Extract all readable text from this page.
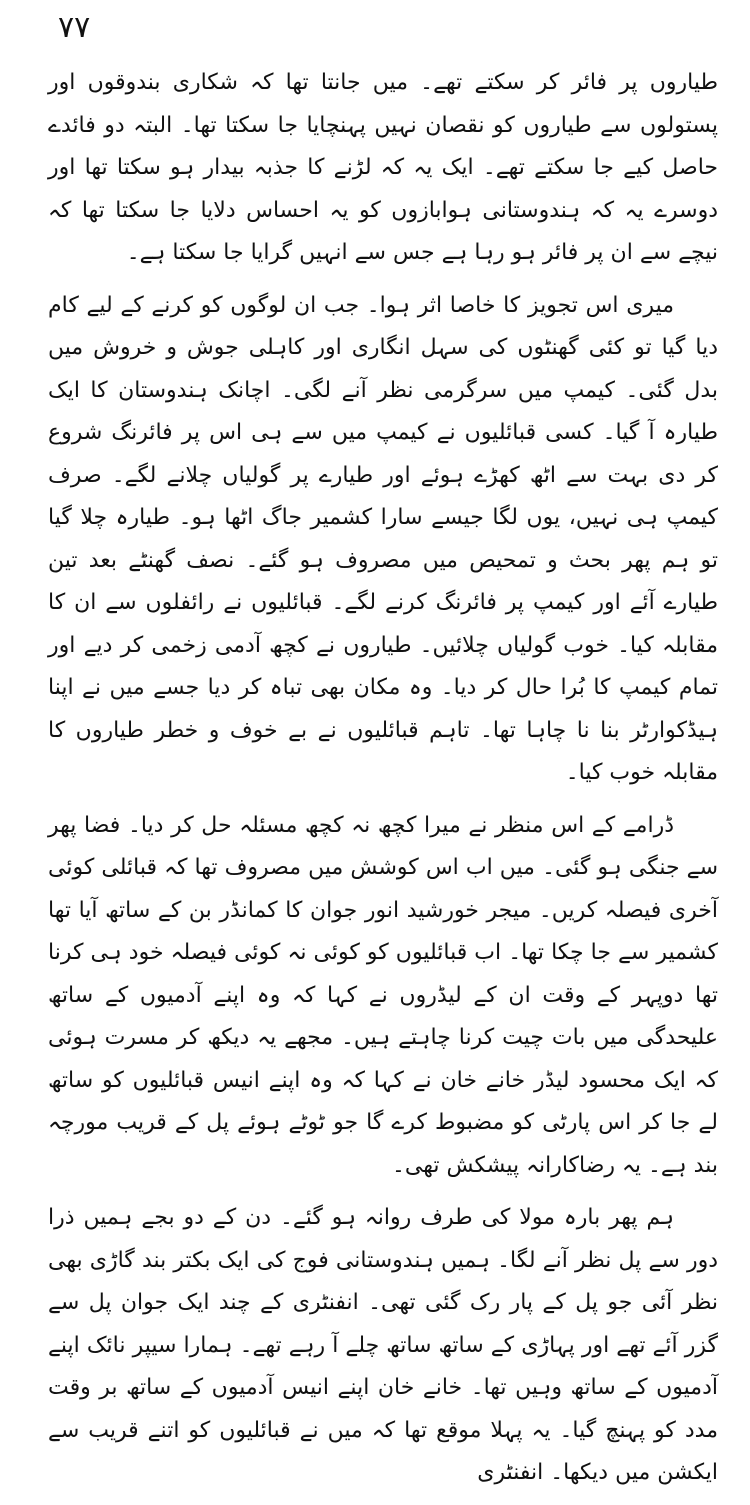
۷۷

طیاروں پر فائر کر سکتے تھے۔ میں جانتا تھا کہ شکاری بندوقوں اور پستولوں سے طیاروں کو نقصان نہیں پہنچایا جا سکتا تھا۔ البتہ دو فائدے حاصل کیے جا سکتے تھے۔ ایک یہ کہ لڑنے کا جذبہ بیدار ہو سکتا تھا اور دوسرے یہ کہ ہندوستانی ہوابازوں کو یہ احساس دلایا جا سکتا تھا کہ نیچے سے ان پر فائر ہو رہا ہے جس سے انہیں گرایا جا سکتا ہے۔

میری اس تجویز کا خاصا اثر ہوا۔ جب ان لوگوں کو کرنے کے لیے کام دیا گیا تو کئی گھنٹوں کی سہل انگاری اور کاہلی جوش و خروش میں بدل گئی۔ کیمپ میں سرگرمی نظر آنے لگی۔ اچانک ہندوستان کا ایک طیارہ آ گیا۔ کسی قبائلیوں نے کیمپ میں سے ہی اس پر فائرنگ شروع کر دی بہت سے اٹھ کھڑے ہوئے اور طیارے پر گولیاں چلانے لگے۔ صرف کیمپ ہی نہیں، یوں لگا جیسے سارا کشمیر جاگ اٹھا ہو۔ طیارہ چلا گیا تو ہم پھر بحث و تمحیص میں مصروف ہو گئے۔ نصف گھنٹے بعد تین طیارے آئے اور کیمپ پر فائرنگ کرنے لگے۔ قبائلیوں نے رائفلوں سے ان کا مقابلہ کیا۔ خوب گولیاں چلائیں۔ طیاروں نے کچھ آدمی زخمی کر دیے اور تمام کیمپ کا بُرا حال کر دیا۔ وہ مکان بھی تباہ کر دیا جسے میں نے اپنا ہیڈکوارٹر بنا نا چاہا تھا۔ تاہم قبائلیوں نے بے خوف و خطر طیاروں کا مقابلہ خوب کیا۔

ڈرامے کے اس منظر نے میرا کچھ نہ کچھ مسئلہ حل کر دیا۔ فضا پھر سے جنگی ہو گئی۔ میں اب اس کوشش میں مصروف تھا کہ قبائلی کوئی آخری فیصلہ کریں۔ میجر خورشید انور جوان کا کمانڈر بن کے ساتھ آیا تھا کشمیر سے جا چکا تھا۔ اب قبائلیوں کو کوئی نہ کوئی فیصلہ خود ہی کرنا تھا دوپہر کے وقت ان کے لیڈروں نے کہا کہ وہ اپنے آدمیوں کے ساتھ علیحدگی میں بات چیت کرنا چاہتے ہیں۔ مجھے یہ دیکھ کر مسرت ہوئی کہ ایک محسود لیڈر خانے خان نے کہا کہ وہ اپنے انیس قبائلیوں کو ساتھ لے جا کر اس پارٹی کو مضبوط کرے گا جو ٹوٹے ہوئے پل کے قریب مورچہ بند ہے۔ یہ رضاکارانہ پیشکش تھی۔

ہم پھر بارہ مولا کی طرف روانہ ہو گئے۔ دن کے دو بجے ہمیں ذرا دور سے پل نظر آنے لگا۔ ہمیں ہندوستانی فوج کی ایک بکتر بند گاڑی بھی نظر آئی جو پل کے پار رک گئی تھی۔ انفنٹری کے چند ایک جوان پل سے گزر آئے تھے اور پہاڑی کے ساتھ ساتھ چلے آ رہے تھے۔ ہمارا سیپر نائک اپنے آدمیوں کے ساتھ وہیں تھا۔ خانے خان اپنے انیس آدمیوں کے ساتھ بر وقت مدد کو پہنچ گیا۔ یہ پہلا موقع تھا کہ میں نے قبائلیوں کو اتنے قریب سے ایکشن میں دیکھا۔ انفنٹری
